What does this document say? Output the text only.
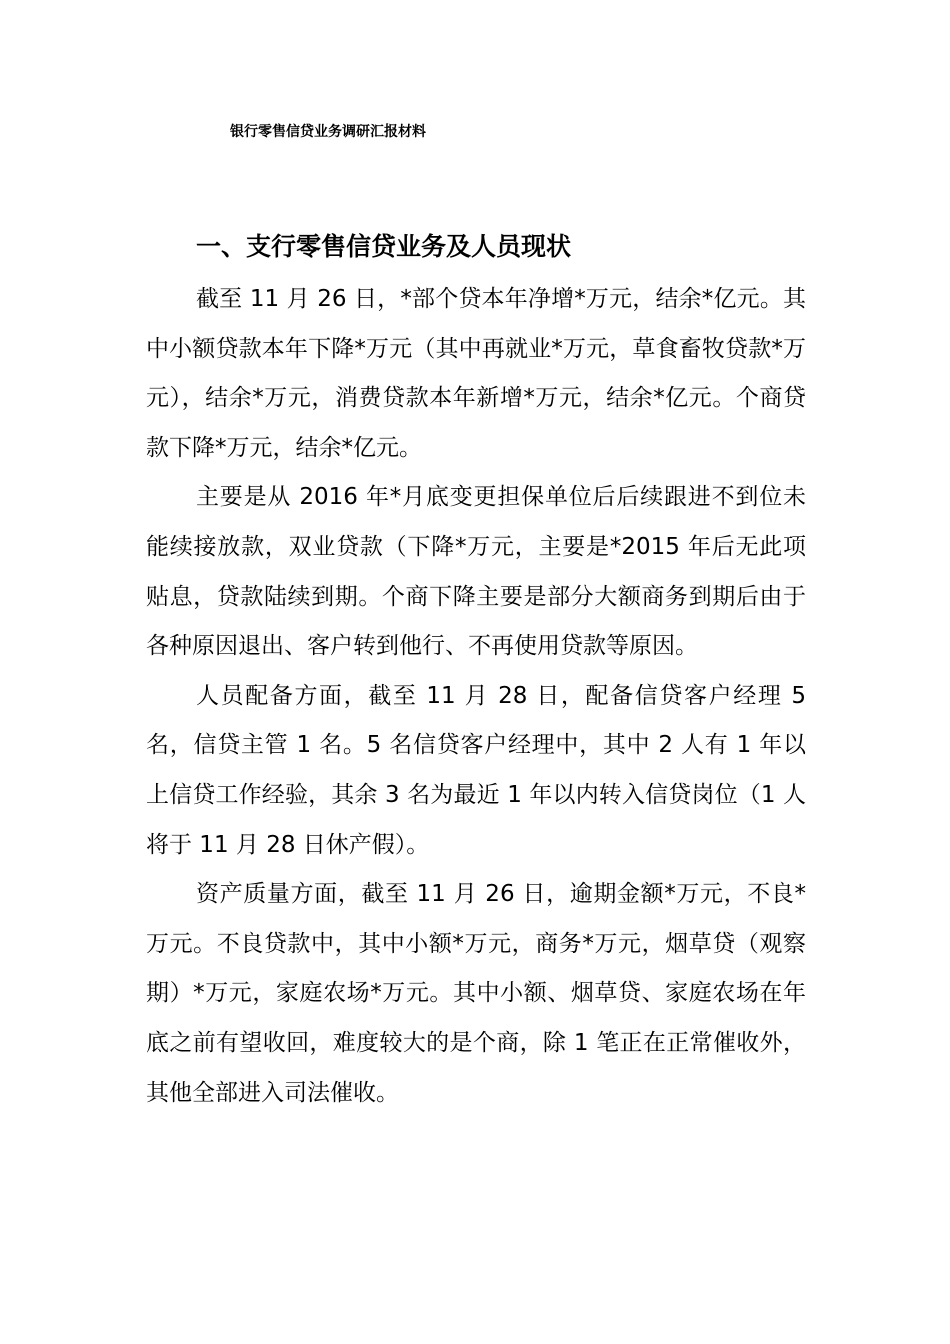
银行零售信贷业务调研汇报材料
一、支行零售信贷业务及人员现状

截至 11 月 26 日，*部个贷本年净增*万元，结余*亿元。其中小额贷款本年下降*万元（其中再就业*万元，草食畜牧贷款*万元），结余*万元，消费贷款本年新增*万元，结余*亿元。个商贷款下降*万元，结余*亿元。

主要是从 2016 年*月底变更担保单位后后续跟进不到位未能续接放款，双业贷款（下降*万元，主要是*2015 年后无此项贴息，贷款陆续到期。个商下降主要是部分大额商务到期后由于各种原因退出、客户转到他行、不再使用贷款等原因。

人员配备方面，截至 11 月 28 日，配备信贷客户经理 5 名，信贷主管 1 名。5 名信贷客户经理中，其中 2 人有 1 年以上信贷工作经验，其余 3 名为最近 1 年以内转入信贷岗位（1 人将于 11 月 28 日休产假）。

资产质量方面，截至 11 月 26 日，逾期金额*万元，不良*万元。不良贷款中，其中小额*万元，商务*万元，烟草贷（观察期）*万元，家庭农场*万元。其中小额、烟草贷、家庭农场在年底之前有望收回，难度较大的是个商，除 1 笔正在正常催收外，其他全部进入司法催收。
